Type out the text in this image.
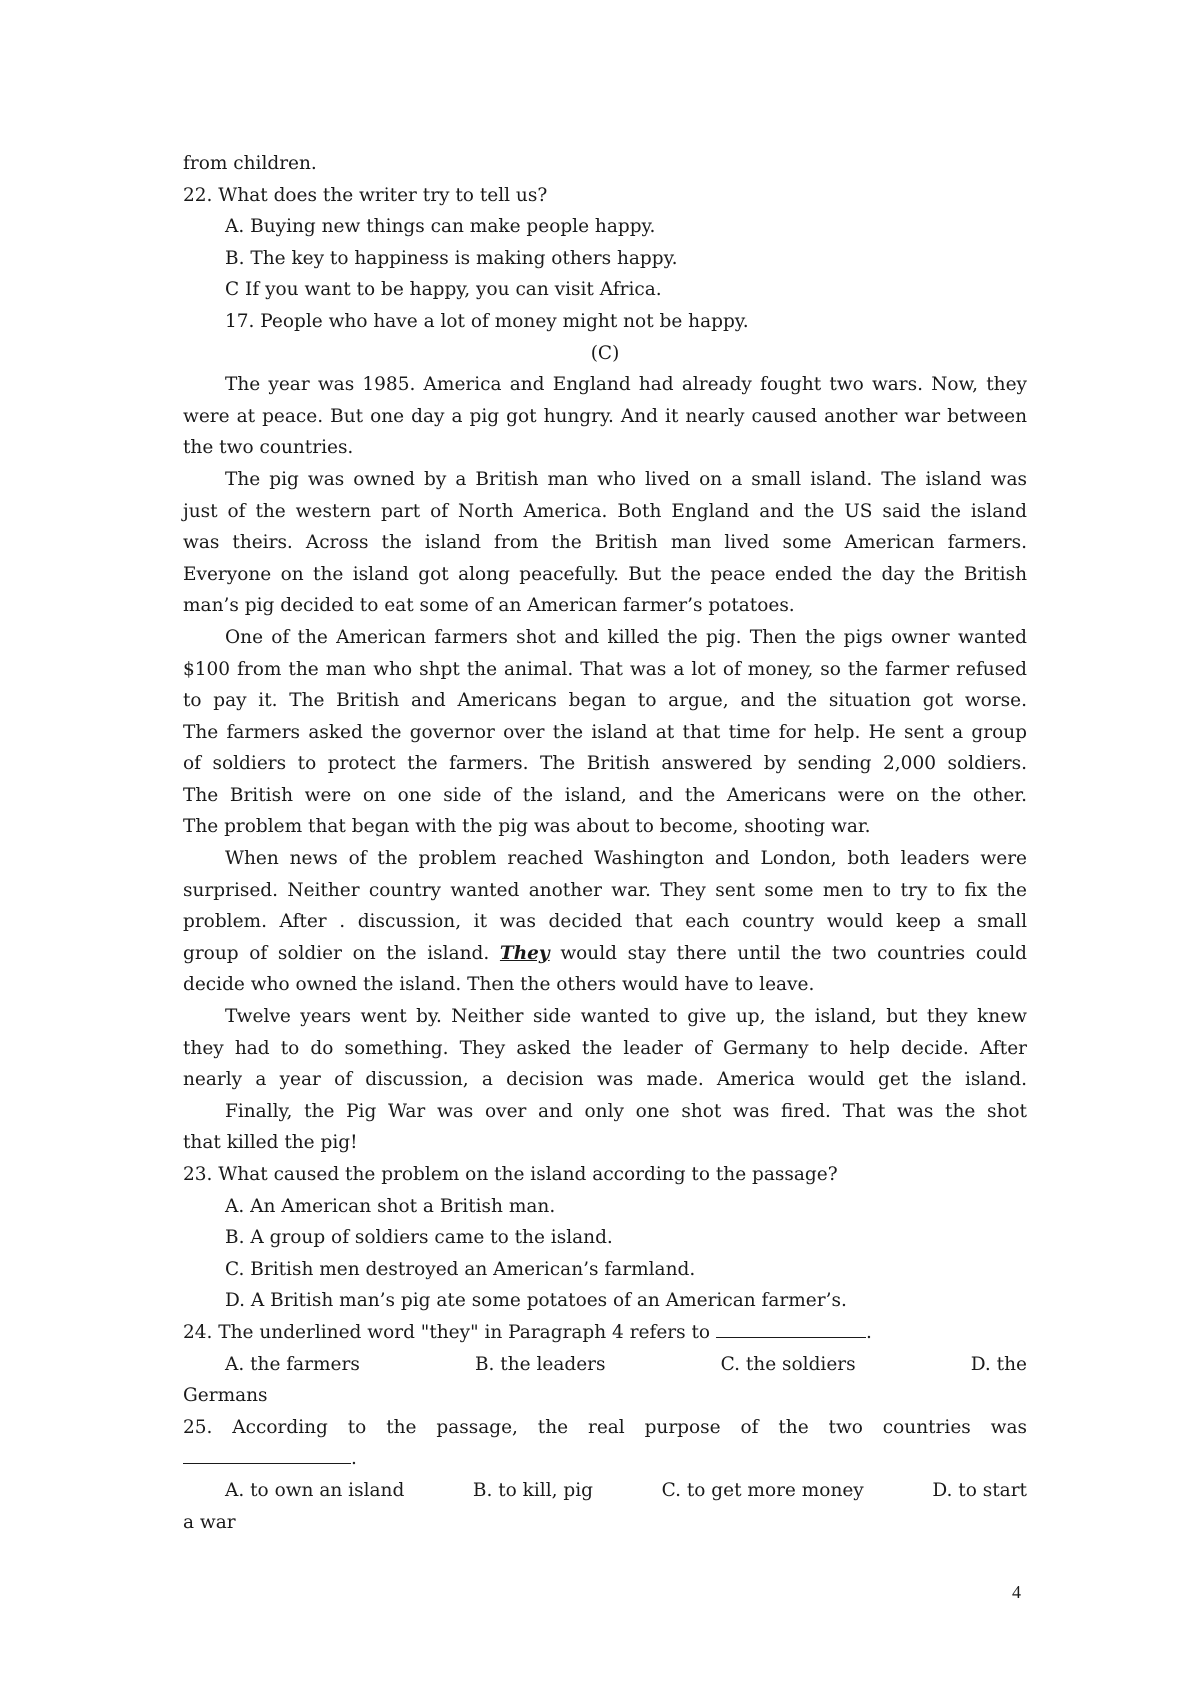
from children.
22. What does the writer try to tell us?
A. Buying new things can make people happy.
B. The key to happiness is making others happy.
C If you want to be happy, you can visit Africa.
17. People who have a lot of money might not be happy.
(C)
The year was 1985. America and England had already fought two wars. Now, they
were at peace. But one day a pig got hungry. And it nearly caused another war between
the two countries.
The pig was owned by a British man who lived on a small island. The island was
just of the western part of North America. Both England and the US said the island
was theirs. Across the island from the British man lived some American farmers.
Everyone on the island got along peacefully. But the peace ended the day the British
man’s pig decided to eat some of an American farmer’s potatoes.
One of the American farmers shot and killed the pig. Then the pigs owner wanted
$100 from the man who shpt the animal. That was a lot of money, so the farmer refused
to pay it. The British and Americans began to argue, and the situation got worse.
The farmers asked the governor over the island at that time for help. He sent a group
of soldiers to protect the farmers. The British answered by sending 2,000 soldiers.
The British were on one side of the island, and the Americans were on the other.
The problem that began with the pig was about to become, shooting war.
When news of the problem reached Washington and London, both leaders were
surprised. Neither country wanted another war. They sent some men to try to fix the
problem. After . discussion, it was decided that each country would keep a small
group of soldier on the island. They would stay there until the two countries could
decide who owned the island. Then the others would have to leave.
Twelve years went by. Neither side wanted to give up, the island, but they knew
they had to do something. They asked the leader of Germany to help decide. After
nearly a year of discussion, a decision was made. America would get the island.
Finally, the Pig War was over and only one shot was fired. That was the shot
that killed the pig!
23. What caused the problem on the island according to the passage?
A. An American shot a British man.
B. A group of soldiers came to the island.
C. British men destroyed an American’s farmland.
D. A British man’s pig ate some potatoes of an American farmer’s.
24. The underlined word "they" in Paragraph 4 refers to	.
A. the farmers	B. the leaders	C. the soldiers	D. the
Germans
25. According to the passage, the real purpose of the two countries was
.
A. to own an island	B. to kill, pig	C. to get more money	D. to start
a war
4
